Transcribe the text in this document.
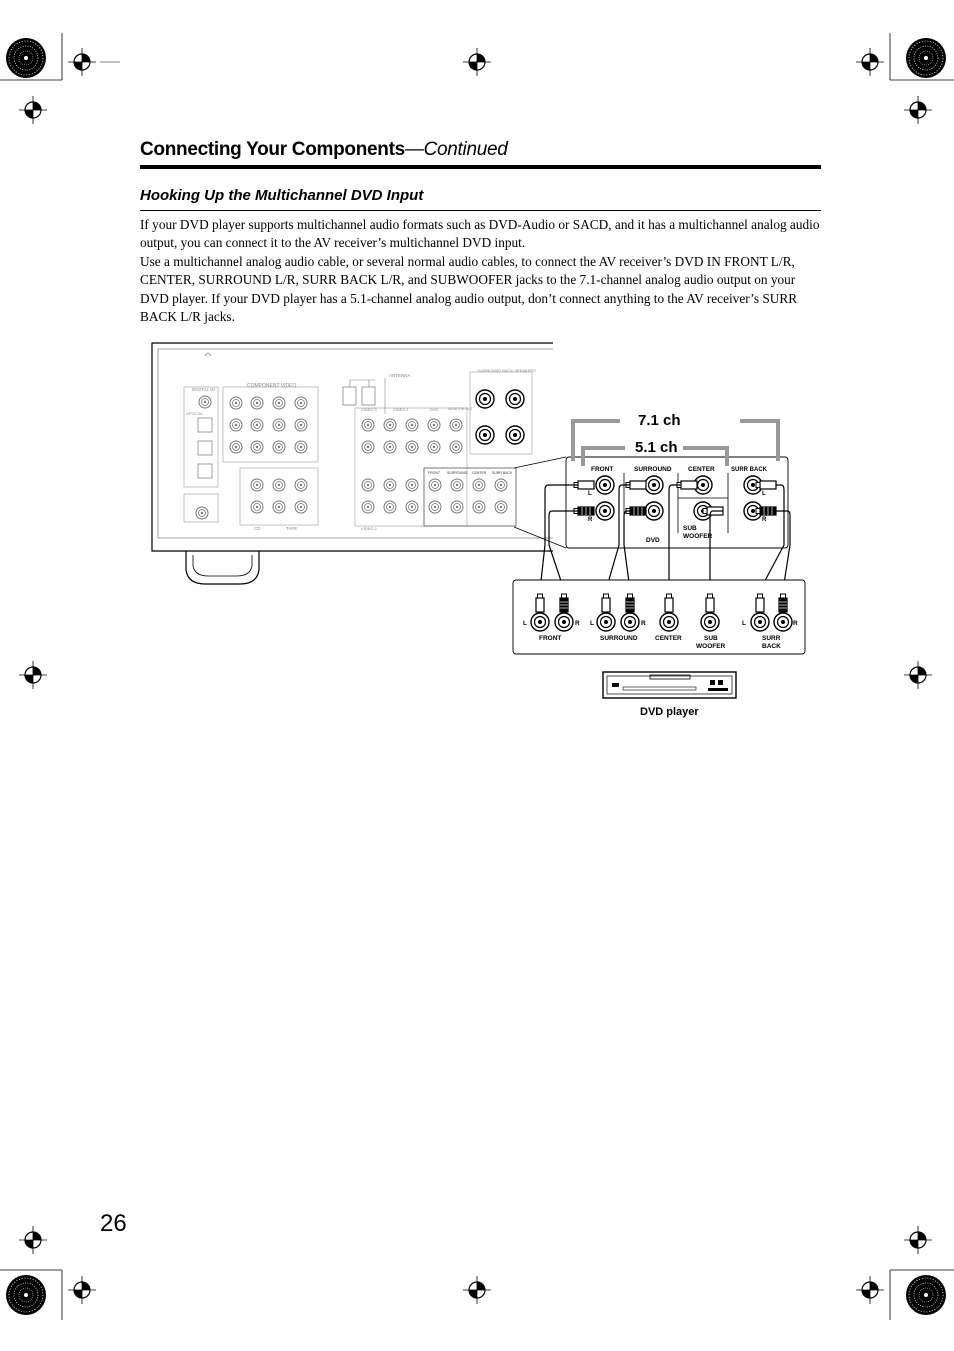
Connecting Your Components—Continued
Hooking Up the Multichannel DVD Input

If your DVD player supports multichannel audio formats such as DVD-Audio or SACD, and it has a multichannel analog audio output, you can connect it to the AV receiver’s multichannel DVD input.

Use a multichannel analog audio cable, or several normal audio cables, to connect the AV receiver’s DVD IN FRONT L/R, CENTER, SURROUND L/R, SURR BACK L/R, and SUBWOOFER jacks to the 7.1-channel analog audio output on your DVD player. If your DVD player has a 5.1-channel analog audio output, don’t connect anything to the AV receiver’s SURR BACK L/R jacks.

DIGITAL IN
OPTICAL
COMPONENT VIDEO
CD	TAPE
ANTENNA
SURROUND BACK SPEAKERS
VIDEO 3	VIDEO 1	DVD	MONITOR OUT
VIDEO 2
FRONT SURROUND CENTER SURR BACK	FRONT	SURROUND	CENTER	SURR BACK
L
R
L
R
SUB
WOOFER
DVD
7.1 ch
5.1 ch
L	R L	R	L	R
FRONT	SURROUND	CENTER	SUB
WOOFER
SURR
BACK
DVD player
26
